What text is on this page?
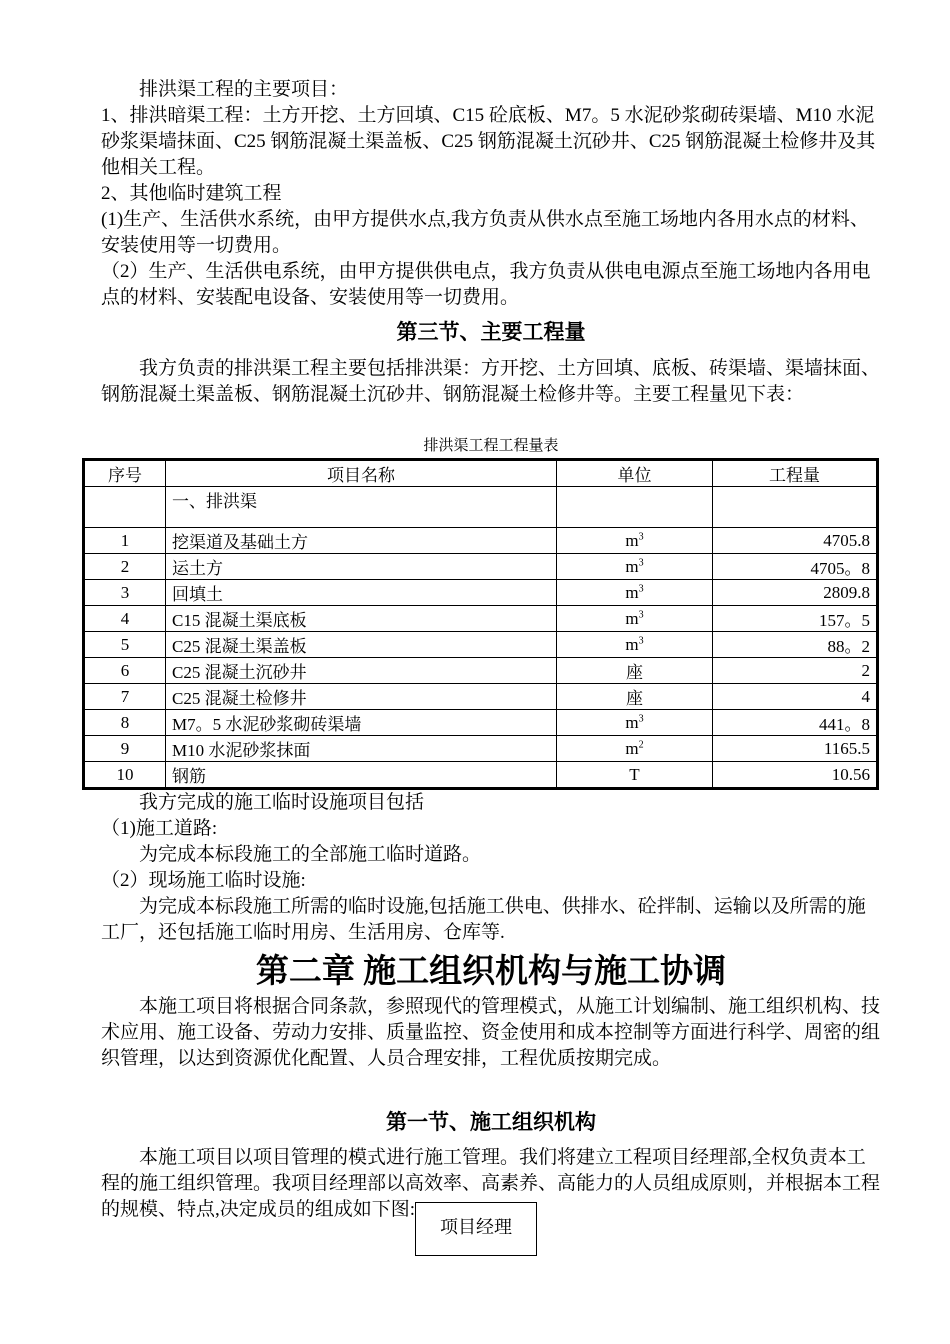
排洪渠工程的主要项目：

1、排洪暗渠工程：土方开挖、土方回填、C15 砼底板、M7。5 水泥砂浆砌砖渠墙、M10 水泥砂浆渠墙抹面、C25 钢筋混凝土渠盖板、C25 钢筋混凝土沉砂井、C25 钢筋混凝土检修井及其他相关工程。

2、其他临时建筑工程

(1)生产、生活供水系统，由甲方提供水点,我方负责从供水点至施工场地内各用水点的材料、安装使用等一切费用。

（2）生产、生活供电系统，由甲方提供供电点，我方负责从供电电源点至施工场地内各用电点的材料、安装配电设备、安装使用等一切费用。

第三节、主要工程量

我方负责的排洪渠工程主要包括排洪渠：方开挖、土方回填、底板、砖渠墙、渠墙抹面、钢筋混凝土渠盖板、钢筋混凝土沉砂井、钢筋混凝土检修井等。主要工程量见下表：

排洪渠工程工程量表
序号	项目名称	单位	工程量
	一、排洪渠		
1	挖渠道及基础土方	$m^3$	4705.8
2	运土方	$m^3$	4705。8
3	回填土	$m^3$	2809.8
4	C15 混凝土渠底板	$m^3$	157。5
5	C25 混凝土渠盖板	$m^3$	88。2
6	C25 混凝土沉砂井	座	2
7	C25 混凝土检修井	座	4
8	M7。5 水泥砂浆砌砖渠墙	$m^3$	441。8
9	M10 水泥砂浆抹面	$m^2$	1165.5
10	钢筋	T	10.56

我方完成的施工临时设施项目包括

（1)施工道路:

为完成本标段施工的全部施工临时道路。

（2）现场施工临时设施:

为完成本标段施工所需的临时设施,包括施工供电、供排水、砼拌制、运输以及所需的施工厂，还包括施工临时用房、生活用房、仓库等.

第二章 施工组织机构与施工协调

本施工项目将根据合同条款，参照现代的管理模式，从施工计划编制、施工组织机构、技术应用、施工设备、劳动力安排、质量监控、资金使用和成本控制等方面进行科学、周密的组织管理，以达到资源优化配置、人员合理安排，工程优质按期完成。

第一节、施工组织机构

本施工项目以项目管理的模式进行施工管理。我们将建立工程项目经理部,全权负责本工程的施工组织管理。我项目经理部以高效率、高素养、高能力的人员组成原则，并根据本工程的规模、特点,决定成员的组成如下图:

项目经理
